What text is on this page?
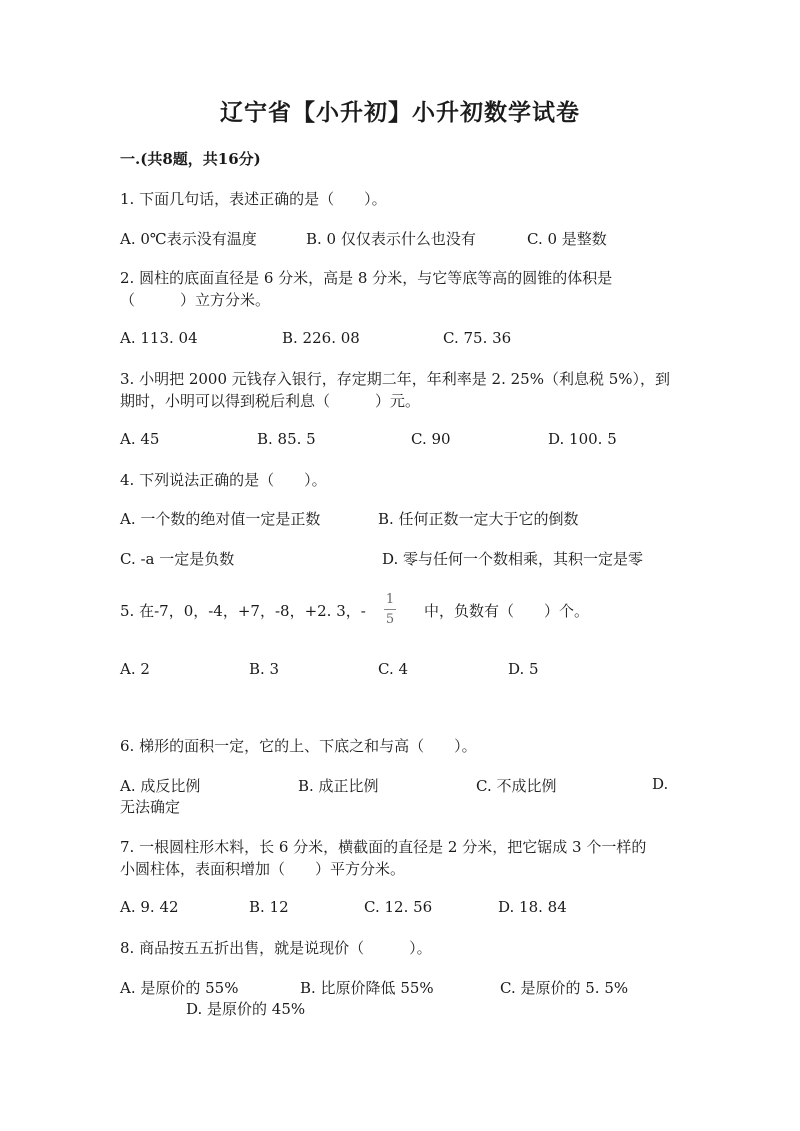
辽宁省【小升初】小升初数学试卷
一.(共8题，共16分)
1. 下面几句话，表述正确的是（　　）。
A. 0℃表示没有温度	B. 0 仅仅表示什么也没有	C. 0 是整数
2. 圆柱的底面直径是 6 分米，高是 8 分米，与它等底等高的圆锥的体积是
（　　　）立方分米。
A. 113. 04	B. 226. 08	C. 75. 36
3. 小明把 2000 元钱存入银行，存定期二年，年利率是 2. 25%（利息税 5%），到
期时，小明可以得到税后利息（　　　）元。
A. 45	B. 85. 5	C. 90	D. 100. 5
4. 下列说法正确的是（　　）。
A. 一个数的绝对值一定是正数	B. 任何正数一定大于它的倒数
C. -a 一定是负数	D. 零与任何一个数相乘，其积一定是零
5. 在-7，0，-4，+7，-8，+2. 3，-
1
5 中，负数有（　　）个。
A. 2	B. 3	C. 4	D. 5
6. 梯形的面积一定，它的上、下底之和与高（　　）。
A. 成反比例	B. 成正比例	C. 不成比例	D.
无法确定
7. 一根圆柱形木料，长 6 分米，横截面的直径是 2 分米，把它锯成 3 个一样的
小圆柱体，表面积增加（　　）平方分米。
A. 9. 42	B. 12	C. 12. 56	D. 18. 84
8. 商品按五五折出售，就是说现价（　　　）。
A. 是原价的 55%	B. 比原价降低 55%	C. 是原价的 5. 5%
D. 是原价的 45%
